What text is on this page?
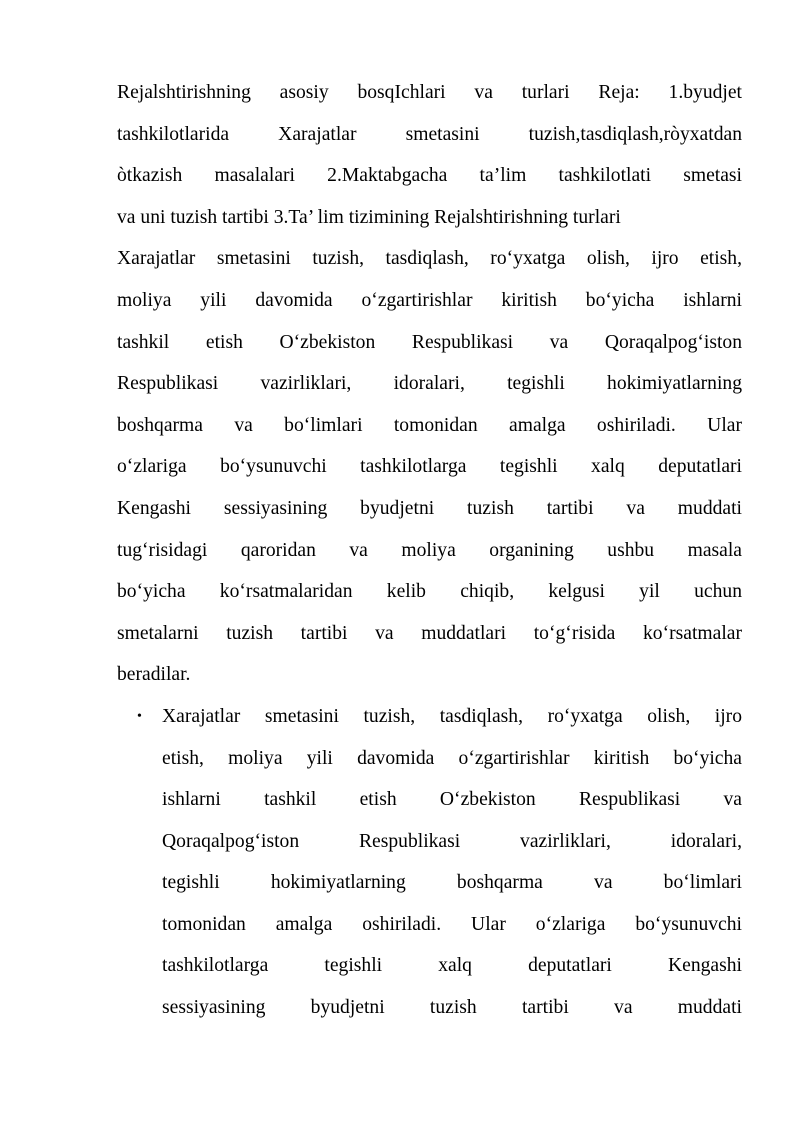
Rejalshtirishning asosiy bosqIchlari va turlari Reja: 1.byudjet
tashkilotlarida Xarajatlar smetasini tuzish,tasdiqlash,ròyxatdan
òtkazish masalalari 2.Maktabgacha ta’lim tashkilotlati smetasi
va uni tuzish tartibi 3.Ta’ lim tizimining Rejalshtirishning turlari
Xarajatlar smetasini tuzish, tasdiqlash, ro‘yxatga olish, ijro etish,
moliya yili davomida o‘zgartirishlar kiritish bo‘yicha ishlarni
tashkil etish O‘zbekiston Respublikasi va Qoraqalpog‘iston
Respublikasi vazirliklari, idoralari, tegishli hokimiyatlarning
boshqarma va bo‘limlari tomonidan amalga oshiriladi. Ular
o‘zlariga bo‘ysunuvchi tashkilotlarga tegishli xalq deputatlari
Kengashi sessiyasining byudjetni tuzish tartibi va muddati
tug‘risidagi qaroridan va moliya organining ushbu masala
bo‘yicha ko‘rsatmalaridan kelib chiqib, kelgusi yil uchun
smetalarni tuzish tartibi va muddatlari to‘g‘risida ko‘rsatmalar
beradilar.
• Xarajatlar smetasini tuzish, tasdiqlash, ro‘yxatga olish, ijro
etish, moliya yili davomida o‘zgartirishlar kiritish bo‘yicha
ishlarni tashkil etish O‘zbekiston Respublikasi va
Qoraqalpog‘iston Respublikasi vazirliklari, idoralari,
tegishli hokimiyatlarning boshqarma va bo‘limlari
tomonidan amalga oshiriladi. Ular o‘zlariga bo‘ysunuvchi
tashkilotlarga tegishli xalq deputatlari Kengashi
sessiyasining byudjetni tuzish tartibi va muddati
